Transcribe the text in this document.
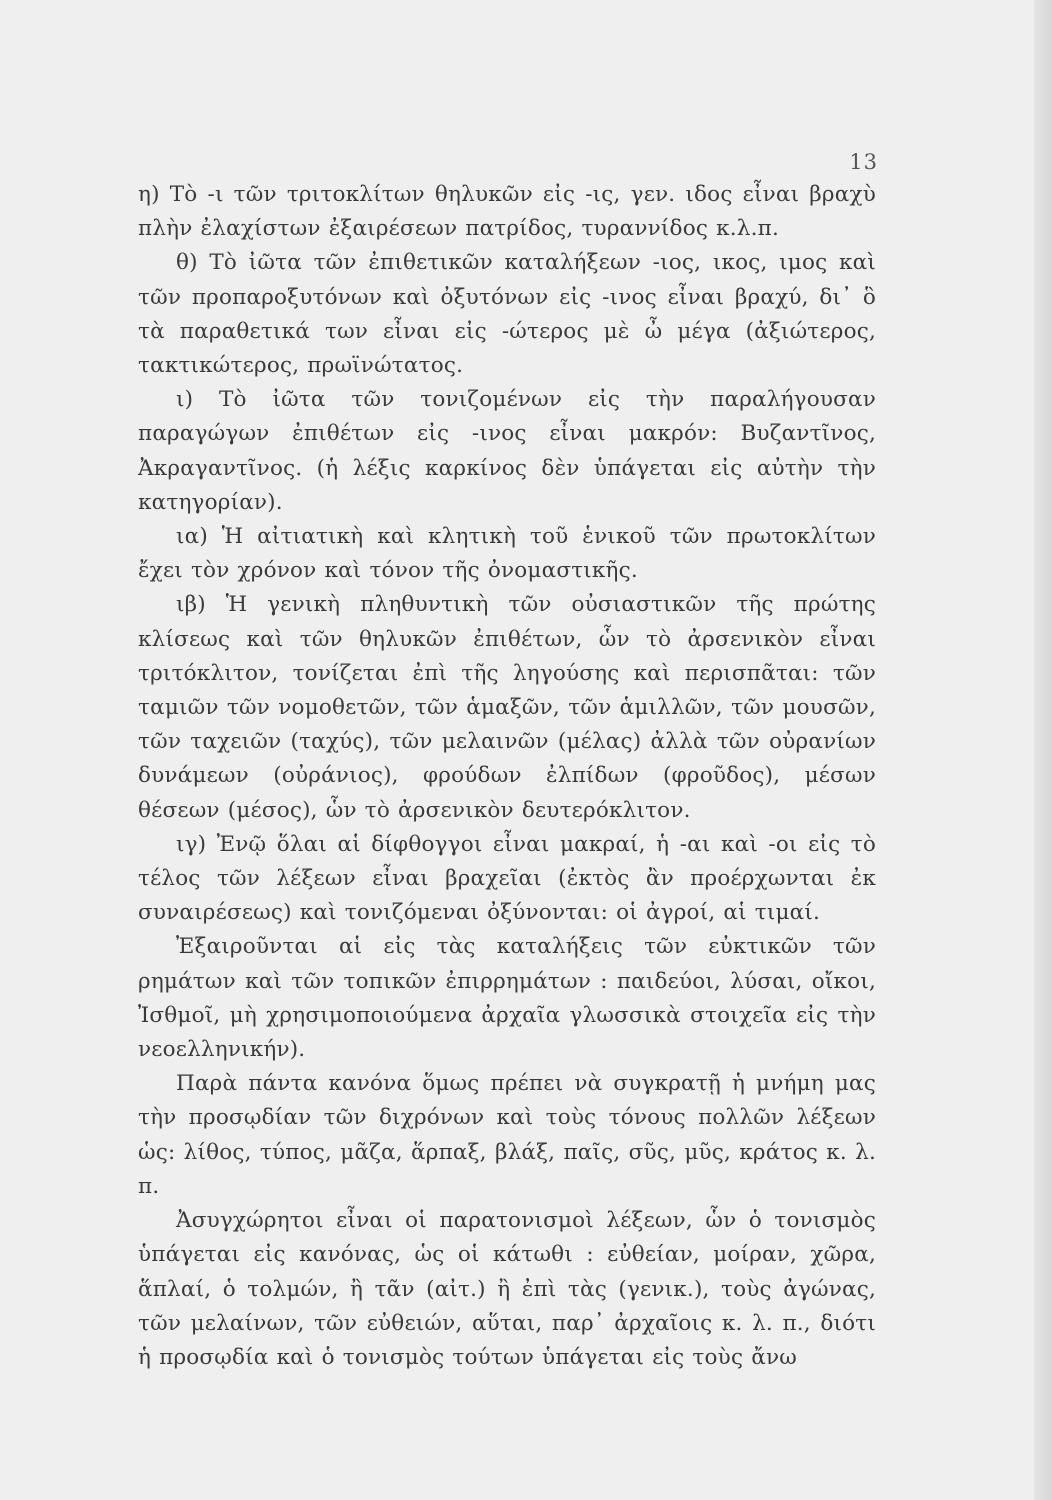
13

η) Τὸ -ι τῶν τριτοκλίτων θηλυκῶν εἰς -ις, γεν. ιδος εἶναι βραχὺ πλὴν ἐλαχίστων ἐξαιρέσεων πατρίδος, τυραννίδος κ.λ.π.

θ) Τὸ ἰῶτα τῶν ἐπιθετικῶν καταλήξεων -ιος, ικος, ιμος καὶ τῶν προπαροξυτόνων καὶ ὀξυτόνων εἰς -ινος εἶναι βραχύ, δι᾽ ὃ τὰ παραθετικά των εἶναι εἰς -ώτερος μὲ ὦ μέγα (ἀξιώτερος, τακτικώτερος, πρωϊνώτατος.

ι) Τὸ ἰῶτα τῶν τονιζομένων εἰς τὴν παραλήγουσαν παραγώγων ἐπιθέτων εἰς -ινος εἶναι μακρόν: Βυζαντῖνος, Ἀκραγαντῖνος. (ἡ λέξις καρκίνος δὲν ὑπάγεται εἰς αὐτὴν τὴν κατηγορίαν).

ια) Ἡ αἰτιατικὴ καὶ κλητικὴ τοῦ ἑνικοῦ τῶν πρωτοκλίτων ἔχει τὸν χρόνον καὶ τόνον τῆς ὀνομαστικῆς.

ιβ) Ἡ γενικὴ πληθυντικὴ τῶν οὐσιαστικῶν τῆς πρώτης κλίσεως καὶ τῶν θηλυκῶν ἐπιθέτων, ὧν τὸ ἀρσενικὸν εἶναι τριτόκλιτον, τονίζεται ἐπὶ τῆς ληγούσης καὶ περισπᾶται: τῶν ταμιῶν τῶν νομοθετῶν, τῶν ἁμαξῶν, τῶν ἁμιλλῶν, τῶν μουσῶν, τῶν ταχειῶν (ταχύς), τῶν μελαινῶν (μέλας) ἀλλὰ τῶν οὐρανίων δυνάμεων (οὐράνιος), φρούδων ἐλπίδων (φροῦδος), μέσων θέσεων (μέσος), ὧν τὸ ἀρσενικὸν δευτερόκλιτον.

ιγ) Ἐνῷ ὅλαι αἱ δίφθογγοι εἶναι μακραί, ἡ -αι καὶ -οι εἰς τὸ τέλος τῶν λέξεων εἶναι βραχεῖαι (ἐκτὸς ἂν προέρχωνται ἐκ συναιρέσεως) καὶ τονιζόμεναι ὀξύνονται: οἱ ἀγροί, αἱ τιμαί.

Ἐξαιροῦνται αἱ εἰς τὰς καταλήξεις τῶν εὐκτικῶν τῶν ρημάτων καὶ τῶν τοπικῶν ἐπιρρημάτων : παιδεύοι, λύσαι, οἴκοι, Ἰσθμοῖ, μὴ χρησιμοποιούμενα ἀρχαῖα γλωσσικὰ στοιχεῖα εἰς τὴν νεοελληνικήν).

Παρὰ πάντα κανόνα ὅμως πρέπει νὰ συγκρατῇ ἡ μνήμη μας τὴν προσῳδίαν τῶν διχρόνων καὶ τοὺς τόνους πολλῶν λέξεων ὡς: λίθος, τύπος, μᾶζα, ἅρπαξ, βλάξ, παῖς, σῦς, μῦς, κράτος κ. λ. π.

Ἀσυγχώρητοι εἶναι οἱ παρατονισμοὶ λέξεων, ὧν ὁ τονισμὸς ὑπάγεται εἰς κανόνας, ὡς οἱ κάτωθι : εὐθείαν, μοίραν, χῶρα, ἅπλαί, ὁ τολμών, ἢ τᾶν (αἰτ.) ἢ ἐπὶ τὰς (γενικ.), τοὺς ἀγώνας, τῶν μελαίνων, τῶν εὐθειών, αὕται, παρ᾽ ἀρχαῖοις κ. λ. π., διότι ἡ προσῳδία καὶ ὁ τονισμὸς τούτων ὑπάγεται εἰς τοὺς ἄνω
